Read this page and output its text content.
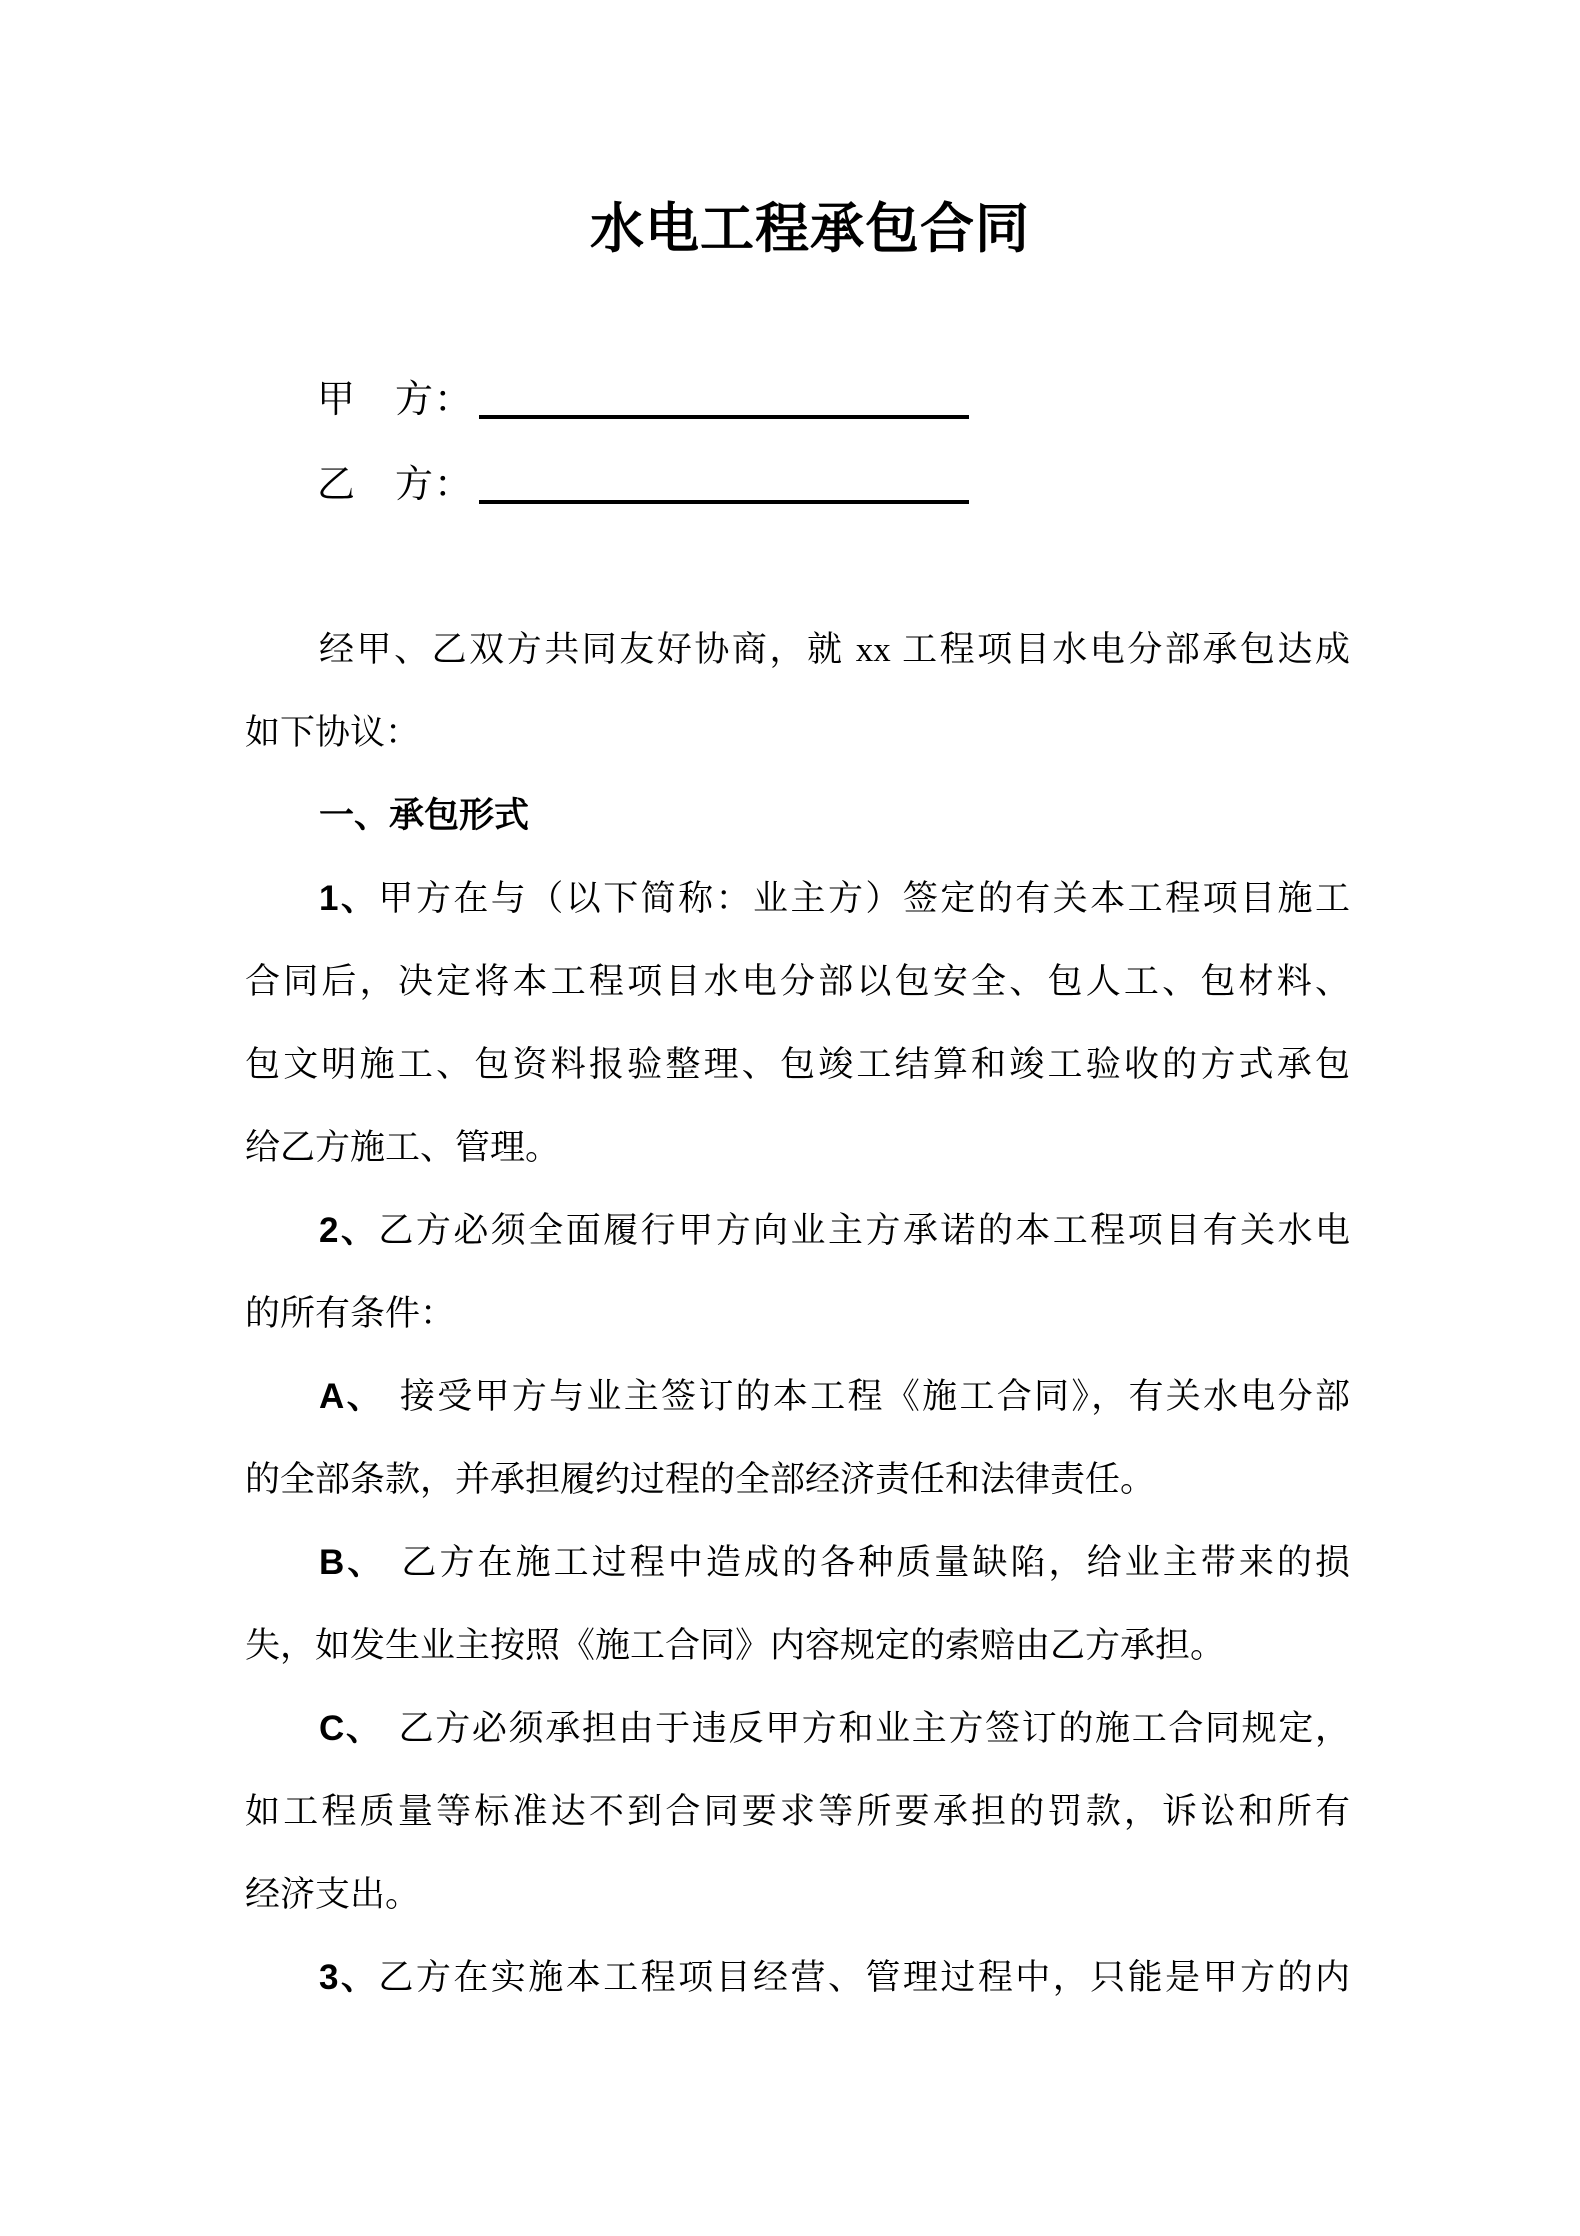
水电工程承包合同
甲　方：
乙　方：
经甲、乙双方共同友好协商，就 xx 工程项目水电分部承包达成
如下协议：
一、承包形式
1、甲方在与（以下简称：业主方）签定的有关本工程项目施工
合同后，决定将本工程项目水电分部以包安全、包人工、包材料、
包文明施工、包资料报验整理、包竣工结算和竣工验收的方式承包
给乙方施工、管理。
2、乙方必须全面履行甲方向业主方承诺的本工程项目有关水电
的所有条件：
A、 接受甲方与业主签订的本工程《施工合同》，有关水电分部
的全部条款，并承担履约过程的全部经济责任和法律责任。
B、 乙方在施工过程中造成的各种质量缺陷，给业主带来的损
失，如发生业主按照《施工合同》内容规定的索赔由乙方承担。
C、 乙方必须承担由于违反甲方和业主方签订的施工合同规定，
如工程质量等标准达不到合同要求等所要承担的罚款，诉讼和所有
经济支出。
3、乙方在实施本工程项目经营、管理过程中，只能是甲方的内
